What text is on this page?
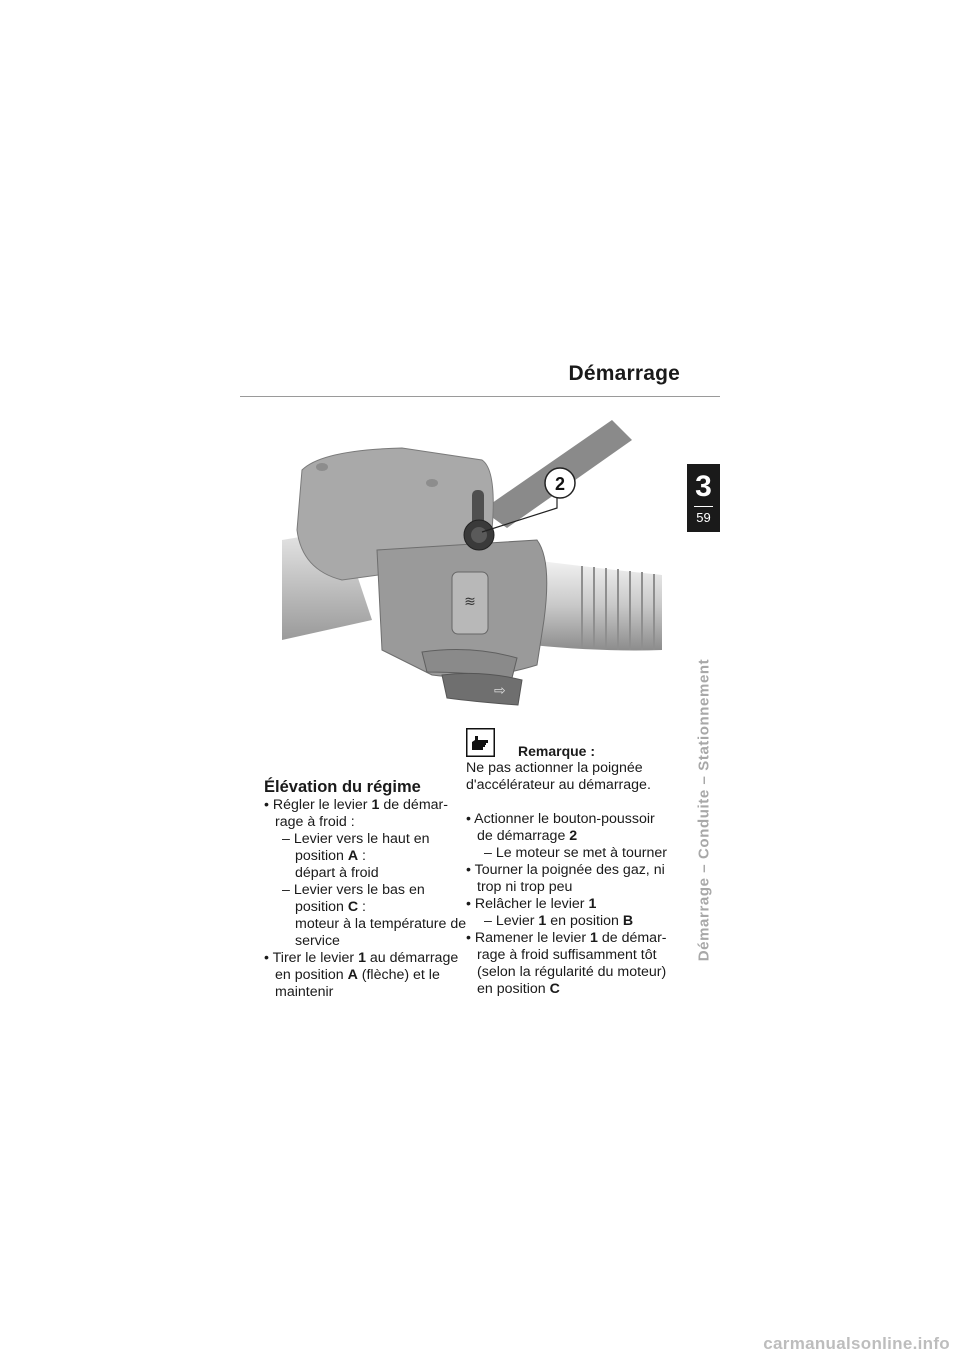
Démarrage
3
59
Démarrage – Conduite – Stationnement
≋
⇨
2
Élévation du régime
• Régler le levier 1 de démar-
rage à froid :
– Levier vers le haut en
position A :
départ à froid
– Levier vers le bas en
position C :
moteur à la température de
service
• Tirer le levier 1 au démarrage
en position A (flèche) et le
maintenir
Remarque :
Ne pas actionner la poignée
d'accélérateur au démarrage.
• Actionner le bouton-poussoir
de démarrage 2
– Le moteur se met à tourner
• Tourner la poignée des gaz, ni
trop ni trop peu
• Relâcher le levier 1
– Levier 1 en position B
• Ramener le levier 1 de démar-
rage à froid suffisamment tôt
(selon la régularité du moteur)
en position C
carmanualsonline.info
